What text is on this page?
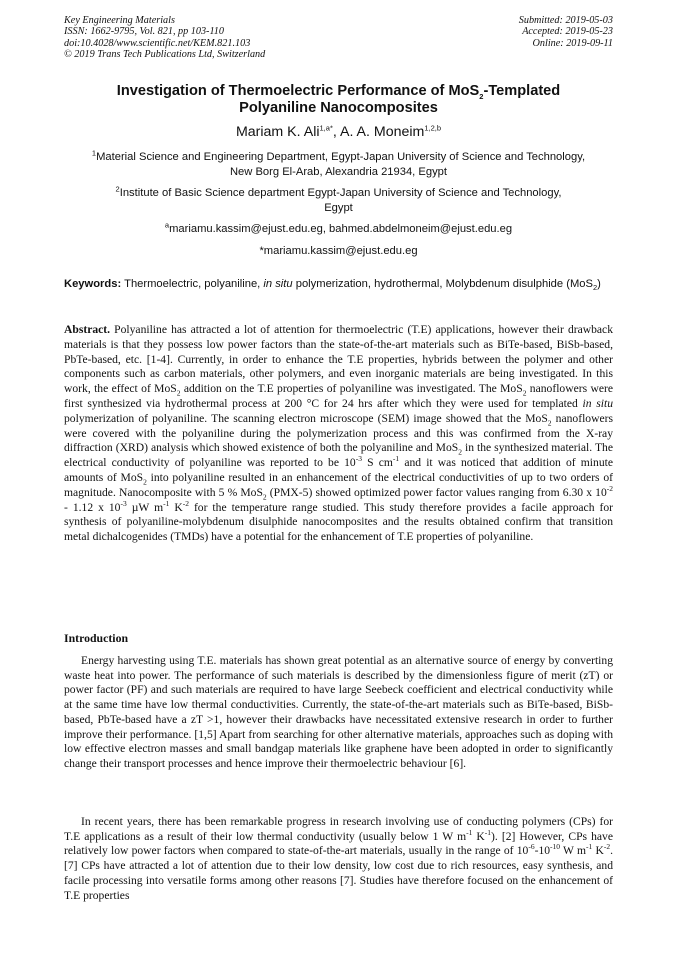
Key Engineering Materials
ISSN: 1662-9795, Vol. 821, pp 103-110
doi:10.4028/www.scientific.net/KEM.821.103
© 2019 Trans Tech Publications Ltd, Switzerland
Submitted: 2019-05-03
Accepted: 2019-05-23
Online: 2019-09-11
Investigation of Thermoelectric Performance of MoS$_2$-Templated
Polyaniline Nanocomposites
Mariam K. Ali$^{1,a*}$, A. A. Moneim$^{1,2,b}$
$^1$Material Science and Engineering Department, Egypt-Japan University of Science and Technology,
New Borg El-Arab, Alexandria 21934, Egypt
$^2$Institute of Basic Science department Egypt-Japan University of Science and Technology,
Egypt
$^a$mariamu.kassim@ejust.edu.eg, bahmed.abdelmoneim@ejust.edu.eg
*mariamu.kassim@ejust.edu.eg
Keywords: Thermoelectric, polyaniline, in situ polymerization, hydrothermal, Molybdenum disulphide (MoS$_2$)
Abstract. Polyaniline has attracted a lot of attention for thermoelectric (T.E) applications, however their drawback materials is that they possess low power factors than the state-of-the-art materials such as BiTe-based, BiSb-based, PbTe-based, etc. [1-4]. Currently, in order to enhance the T.E properties, hybrids between the polymer and other components such as carbon materials, other polymers, and even inorganic materials are being investigated. In this work, the effect of MoS$_2$ addition on the T.E properties of polyaniline was investigated. The MoS$_2$ nanoflowers were first synthesized via hydrothermal process at 200 °C for 24 hrs after which they were used for templated in situ polymerization of polyaniline. The scanning electron microscope (SEM) image showed that the MoS$_2$ nanoflowers were covered with the polyaniline during the polymerization process and this was confirmed from the X-ray diffraction (XRD) analysis which showed existence of both the polyaniline and MoS$_2$ in the synthesized material. The electrical conductivity of polyaniline was reported to be $10^{-3}$ S $cm^{-1}$ and it was noticed that addition of minute amounts of MoS$_2$ into polyaniline resulted in an enhancement of the electrical conductivities of up to two orders of magnitude. Nanocomposite with 5 % MoS$_2$ (PMX-5) showed optimized power factor values ranging from 6.30 x $10^{-2} - 1.12$ x $10^{-3}$ µW $m^{-1}$ $K^{-2}$ for the temperature range studied. This study therefore provides a facile approach for synthesis of polyaniline-molybdenum disulphide nanocomposites and the results obtained confirm that transition metal dichalcogenides (TMDs) have a potential for the enhancement of T.E properties of polyaniline.
Introduction
Energy harvesting using T.E. materials has shown great potential as an alternative source of energy by converting waste heat into power. The performance of such materials is described by the dimensionless figure of merit (zT) or power factor (PF) and such materials are required to have large Seebeck coefficient and electrical conductivity while at the same time have low thermal conductivities. Currently, the state-of-the-art materials such as BiTe-based, BiSb-based, PbTe-based have a zT >1, however their drawbacks have necessitated extensive research in order to further improve their performance. [1,5] Apart from searching for other alternative materials, approaches such as doping with low effective electron masses and small bandgap materials like graphene have been adopted in order to significantly change their transport processes and hence improve their thermoelectric behaviour [6].
In recent years, there has been remarkable progress in research involving use of conducting polymers (CPs) for T.E applications as a result of their low thermal conductivity (usually below 1 W $m^{-1}$ $K^{-1}$). [2] However, CPs have relatively low power factors when compared to state-of-the-art materials, usually in the range of $10^{-6}-10^{-10}$ W $m^{-1}$ $K^{-2}.[7]$ CPs have attracted a lot of attention due to their low density, low cost due to rich resources, easy synthesis, and facile processing into versatile forms among other reasons [7]. Studies have therefore focused on the enhancement of T.E properties
